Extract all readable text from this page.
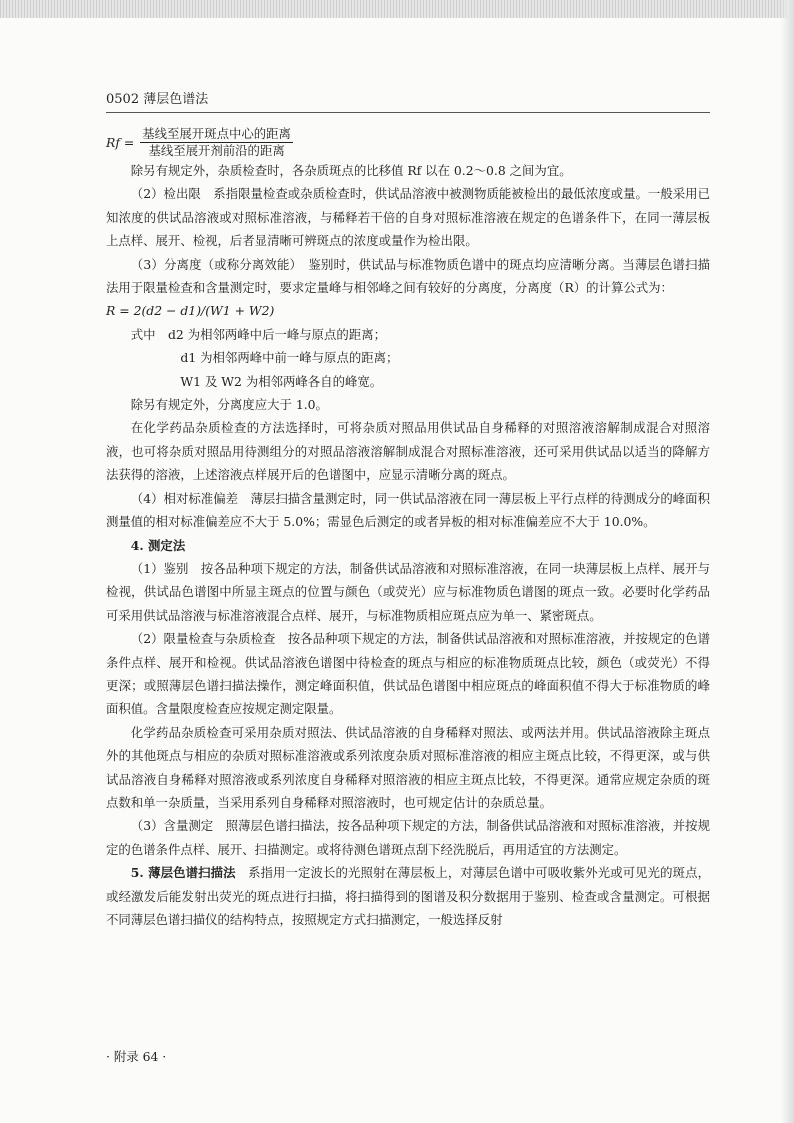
0502 薄层色谱法

$Rf = \frac{\text{基线至展开斑点中心的距离}}{\text{基线至展开剂前沿的距离}}$

除另有规定外，杂质检查时，各杂质斑点的比移值 Rf 以在 0.2～0.8 之间为宜。

（2）检出限　系指限量检查或杂质检查时，供试品溶液中被测物质能被检出的最低浓度或量。一般采用已知浓度的供试品溶液或对照标准溶液，与稀释若干倍的自身对照标准溶液在规定的色谱条件下，在同一薄层板上点样、展开、检视，后者显清晰可辨斑点的浓度或量作为检出限。

（3）分离度（或称分离效能）　鉴别时，供试品与标准物质色谱中的斑点均应清晰分离。当薄层色谱扫描法用于限量检查和含量测定时，要求定量峰与相邻峰之间有较好的分离度，分离度（R）的计算公式为：

R = 2(d2 − d1)/(W1 + W2)

式中　d2 为相邻两峰中后一峰与原点的距离；

d1 为相邻两峰中前一峰与原点的距离；

W1 及 W2 为相邻两峰各自的峰宽。

除另有规定外，分离度应大于 1.0。

在化学药品杂质检查的方法选择时，可将杂质对照品用供试品自身稀释的对照溶液溶解制成混合对照溶液，也可将杂质对照品用待测组分的对照品溶液溶解制成混合对照标准溶液，还可采用供试品以适当的降解方法获得的溶液，上述溶液点样展开后的色谱图中，应显示清晰分离的斑点。

（4）相对标准偏差　薄层扫描含量测定时，同一供试品溶液在同一薄层板上平行点样的待测成分的峰面积测量值的相对标准偏差应不大于 5.0%；需显色后测定的或者异板的相对标准偏差应不大于 10.0%。

4. 测定法

（1）鉴别　按各品种项下规定的方法，制备供试品溶液和对照标准溶液，在同一块薄层板上点样、展开与检视，供试品色谱图中所显主斑点的位置与颜色（或荧光）应与标准物质色谱图的斑点一致。必要时化学药品可采用供试品溶液与标准溶液混合点样、展开，与标准物质相应斑点应为单一、紧密斑点。

（2）限量检查与杂质检查　按各品种项下规定的方法，制备供试品溶液和对照标准溶液，并按规定的色谱条件点样、展开和检视。供试品溶液色谱图中待检查的斑点与相应的标准物质斑点比较，颜色（或荧光）不得更深；或照薄层色谱扫描法操作，测定峰面积值，供试品色谱图中相应斑点的峰面积值不得大于标准物质的峰面积值。含量限度检查应按规定测定限量。

化学药品杂质检查可采用杂质对照法、供试品溶液的自身稀释对照法、或两法并用。供试品溶液除主斑点外的其他斑点与相应的杂质对照标准溶液或系列浓度杂质对照标准溶液的相应主斑点比较，不得更深，或与供试品溶液自身稀释对照溶液或系列浓度自身稀释对照溶液的相应主斑点比较，不得更深。通常应规定杂质的斑点数和单一杂质量，当采用系列自身稀释对照溶液时，也可规定估计的杂质总量。

（3）含量测定　照薄层色谱扫描法，按各品种项下规定的方法，制备供试品溶液和对照标准溶液，并按规定的色谱条件点样、展开、扫描测定。或将待测色谱斑点刮下经洗脱后，再用适宜的方法测定。

5. 薄层色谱扫描法　 系指用一定波长的光照射在薄层板上，对薄层色谱中可吸收紫外光或可见光的斑点，或经激发后能发射出荧光的斑点进行扫描，将扫描得到的图谱及积分数据用于鉴别、检查或含量测定。可根据不同薄层色谱扫描仪的结构特点，按照规定方式扫描测定，一般选择反射

· 附录 64 ·
